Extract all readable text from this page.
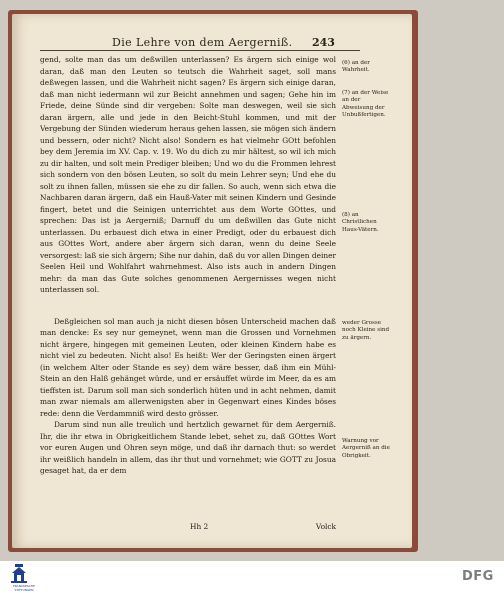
Die Lehre von dem Aergerniß. 243

gend, solte man das um deßwillen unterlassen? Es ärgern sich einige wol daran, daß man den Leuten so teutsch die Wahrheit saget, soll mans deßwegen lassen, und die Wahrheit nicht sagen? Es ärgern sich einige daran, daß man nicht iedermann wil zur Beicht annehmen und sagen; Gehe hin im Friede, deine Sünde sind dir vergeben: Solte man deswegen, weil sie sich daran ärgern, alle und jede in den Beicht-Stuhl kommen, und mit der Vergebung der Sünden wiederum heraus gehen lassen, sie mögen sich ändern und bessern, oder nicht? Nicht also! Sondern es hat vielmehr GOtt befohlen bey dem Jeremia im XV. Cap. v. 19. Wo du dich zu mir hältest, so wil ich mich zu dir halten, und solt mein Prediger bleiben; Und wo du die Frommen lehrest sich sondern von den bösen Leuten, so solt du mein Lehrer seyn; Und ehe du solt zu ihnen fallen, müssen sie ehe zu dir fallen. So auch, wenn sich etwa die Nachbaren daran ärgern, daß ein Hauß-Vater mit seinen Kindern und Gesinde fingert, betet und die Seinigen unterrichtet aus dem Worte GOttes, und sprechen: Das ist ja Aergerniß; Darnuff du um deßwillen das Gute nicht unterlassen. Du erbauest dich etwa in einer Predigt, oder du erbauest dich aus GOttes Wort, andere aber ärgern sich daran, wenn du deine Seele versorgest: laß sie sich ärgern; Sihe nur dahin, daß du vor allen Dingen deiner Seelen Heil und Wohlfahrt wahrnehmest. Also ists auch in andern Dingen mehr: da man das Gute solches genommenen Aergernisses wegen nicht unterlassen sol.

Deßgleichen sol man auch ja nicht diesen bösen Unterscheid machen daß man dencke: Es sey nur gemeynet, wenn man die Grossen und Vornehmen nicht ärgere, hingegen mit gemeinen Leuten, oder kleinen Kindern habe es nicht viel zu bedeuten. Nicht also! Es heißt: Wer der Geringsten einen ärgert (in welchem Alter oder Stande es sey) dem wäre besser, daß ihm ein Mühl-Stein an den Halß gehänget würde, und er ersäuffet würde im Meer, da es am tieffsten ist. Darum soll man sich sonderlich hüten und in acht nehmen, damit man zwar niemals am allerwenigsten aber in Gegenwart eines Kindes böses rede: denn die Verdammniß wird desto grösser.

Darum sind nun alle treulich und hertzlich gewarnet für dem Aergerniß. Ihr, die ihr etwa in Obrigkeitlichem Stande lebet, sehet zu, daß GOttes Wort vor euren Augen und Ohren seyn möge, und daß ihr darnach thut: so werdet ihr weißlich handeln in allem, das ihr thut und vornehmet; wie GOTT zu Josua gesaget hat, da er dem

(6) an der Wahrheit.
(7) an der Weise an der Abweisung der Unbußfertigen.
(8) an Christlichen Haus-Vätern.
weder Grosse noch Kleine sind zu ärgern.
Warnung vor Aergerniß an die Obrigkeit.
Hh 2	Volck
FRANCKESCHE STIFTUNGEN
DFG
